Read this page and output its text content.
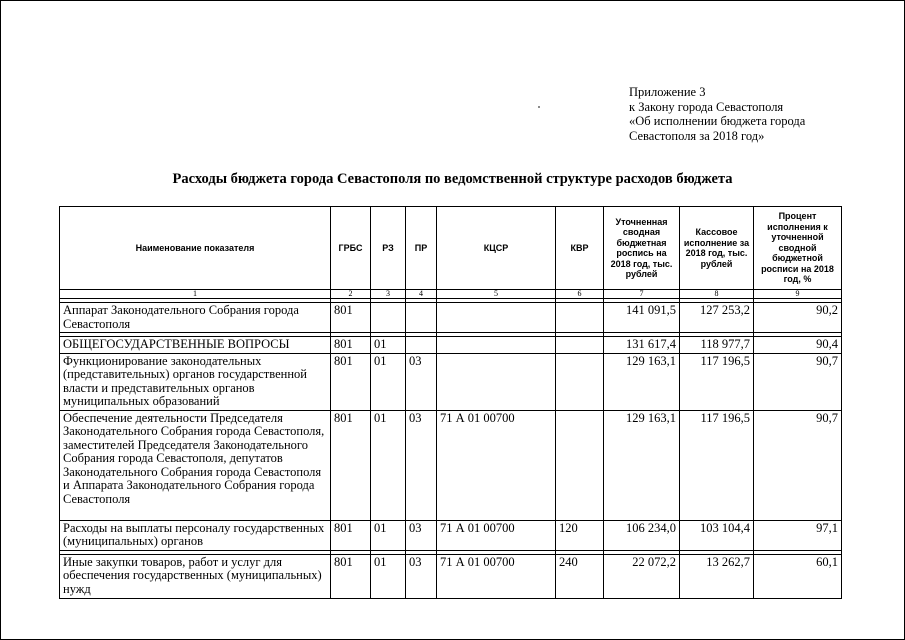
Приложение 3
к Закону города Севастополя
«Об исполнении бюджета города
Севастополя за 2018 год»
Расходы бюджета города Севастополя по ведомственной структуре расходов бюджета
Наименование показателя	ГРБС	РЗ	ПР	КЦСР	КВР	Уточненная сводная бюджетная роспись на 2018 год, тыс. рублей	Кассовое исполнение за 2018 год, тыс. рублей	Процент исполнения к уточненной сводной бюджетной росписи на 2018 год, %
1	2	3	4	5	6	7	8	9

Аппарат Законодательного Собрания города Севастополя	801					141 091,5	127 253,2	90,2

ОБЩЕГОСУДАРСТВЕННЫЕ ВОПРОСЫ	801	01				131 617,4	118 977,7	90,4
Функционирование законодательных (представительных) органов государственной власти и представительных органов муниципальных образований	801	01	03			129 163,1	117 196,5	90,7
Обеспечение деятельности Председателя Законодательного Собрания города Севастополя, заместителей Председателя Законодательного Собрания города Севастополя, депутатов Законодательного Собрания города Севастополя и Аппарата Законодательного Собрания города Севастополя	801	01	03	71 А 01 00700		129 163,1	117 196,5	90,7
Расходы на выплаты персоналу государственных (муниципальных) органов	801	01	03	71 А 01 00700	120	106 234,0	103 104,4	97,1

Иные закупки товаров, работ и услуг для обеспечения государственных (муниципальных) нужд	801	01	03	71 А 01 00700	240	22 072,2	13 262,7	60,1
